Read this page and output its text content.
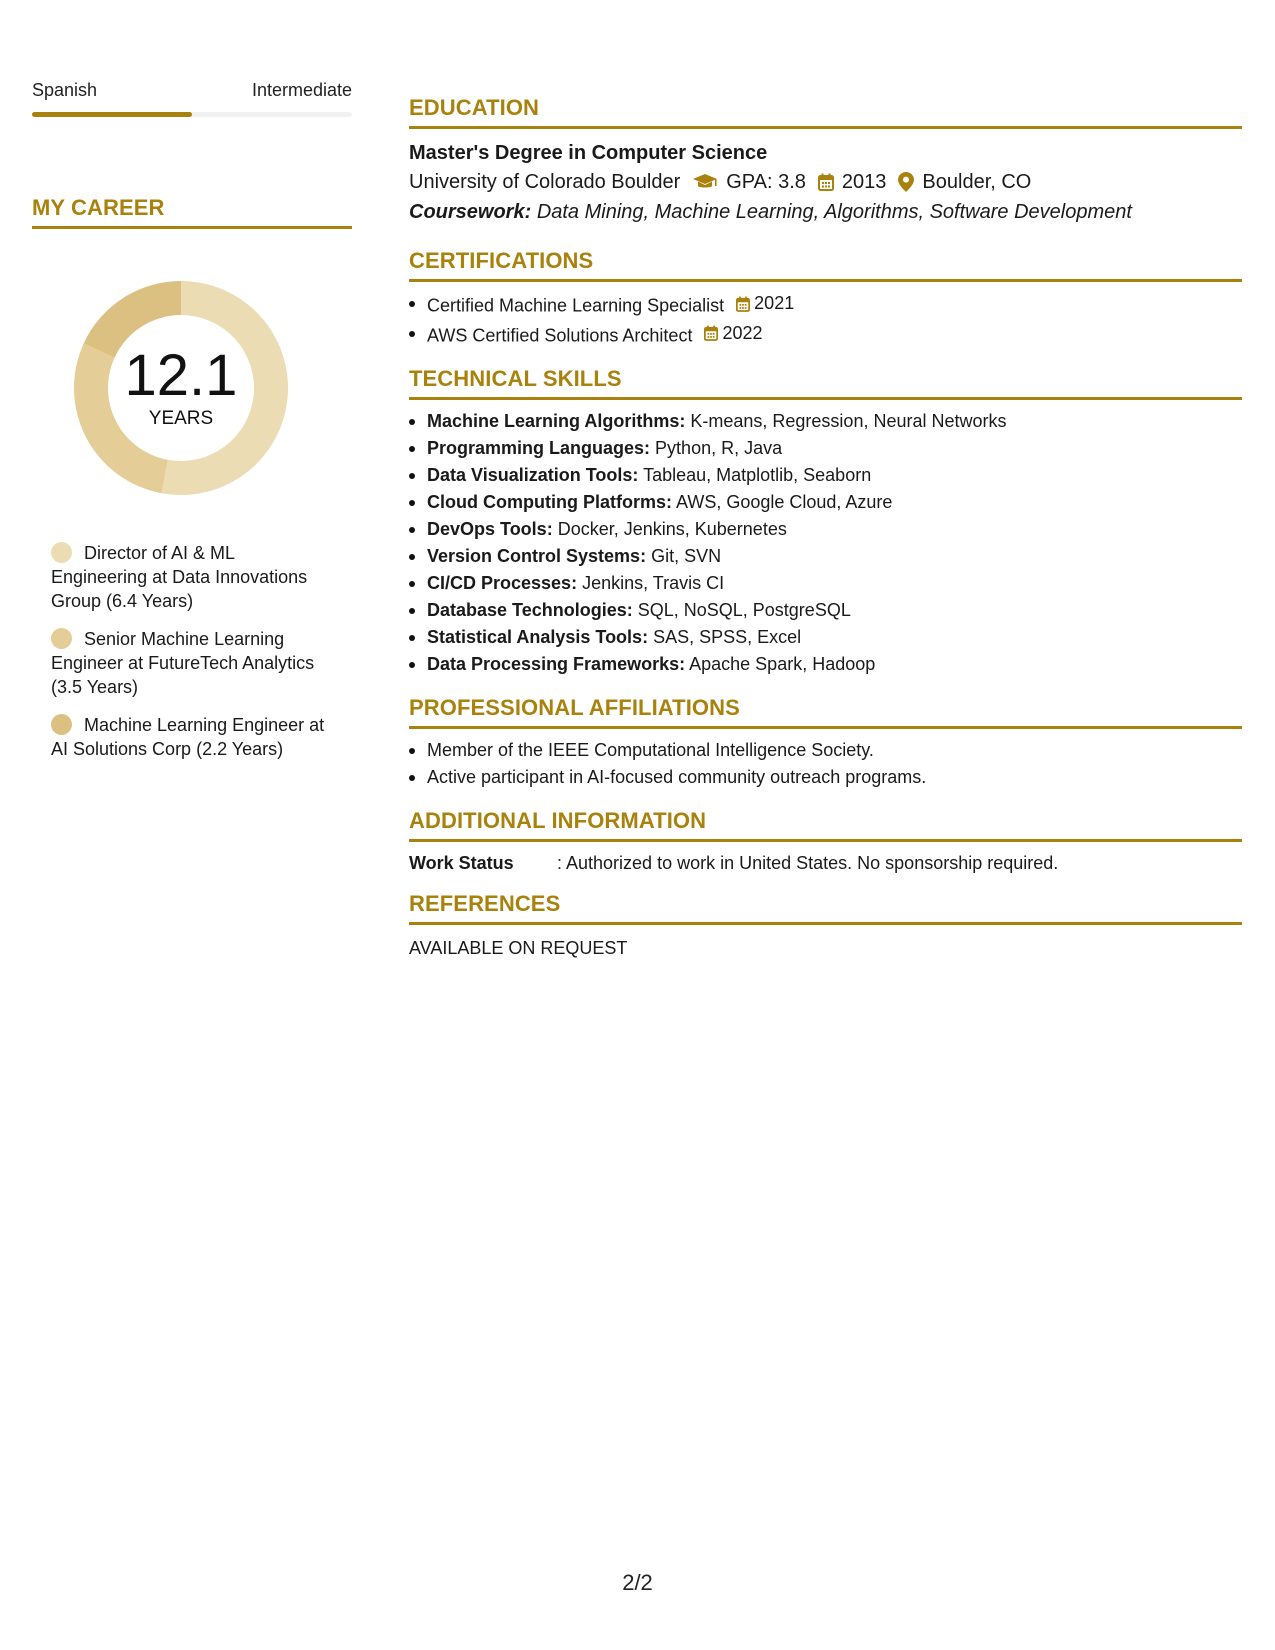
Spanish	Intermediate
MY CAREER
12.1
YEARS
Director of AI & ML Engineering at Data Innovations Group (6.4 Years)
Senior Machine Learning Engineer at FutureTech Analytics (3.5 Years)
Machine Learning Engineer at AI Solutions Corp (2.2 Years)
EDUCATION
Master's Degree in Computer Science
University of Colorado Boulder GPA: 3.8 2013 Boulder, CO
Coursework: Data Mining, Machine Learning, Algorithms, Software Development
CERTIFICATIONS
Certified Machine Learning Specialist 2021
AWS Certified Solutions Architect 2022
TECHNICAL SKILLS
Machine Learning Algorithms: K-means, Regression, Neural Networks
Programming Languages: Python, R, Java
Data Visualization Tools: Tableau, Matplotlib, Seaborn
Cloud Computing Platforms: AWS, Google Cloud, Azure
DevOps Tools: Docker, Jenkins, Kubernetes
Version Control Systems: Git, SVN
CI/CD Processes: Jenkins, Travis CI
Database Technologies: SQL, NoSQL, PostgreSQL
Statistical Analysis Tools: SAS, SPSS, Excel
Data Processing Frameworks: Apache Spark, Hadoop
PROFESSIONAL AFFILIATIONS
Member of the IEEE Computational Intelligence Society.
Active participant in AI-focused community outreach programs.
ADDITIONAL INFORMATION
Work Status	: Authorized to work in United States. No sponsorship required.
REFERENCES
AVAILABLE ON REQUEST
2/2
